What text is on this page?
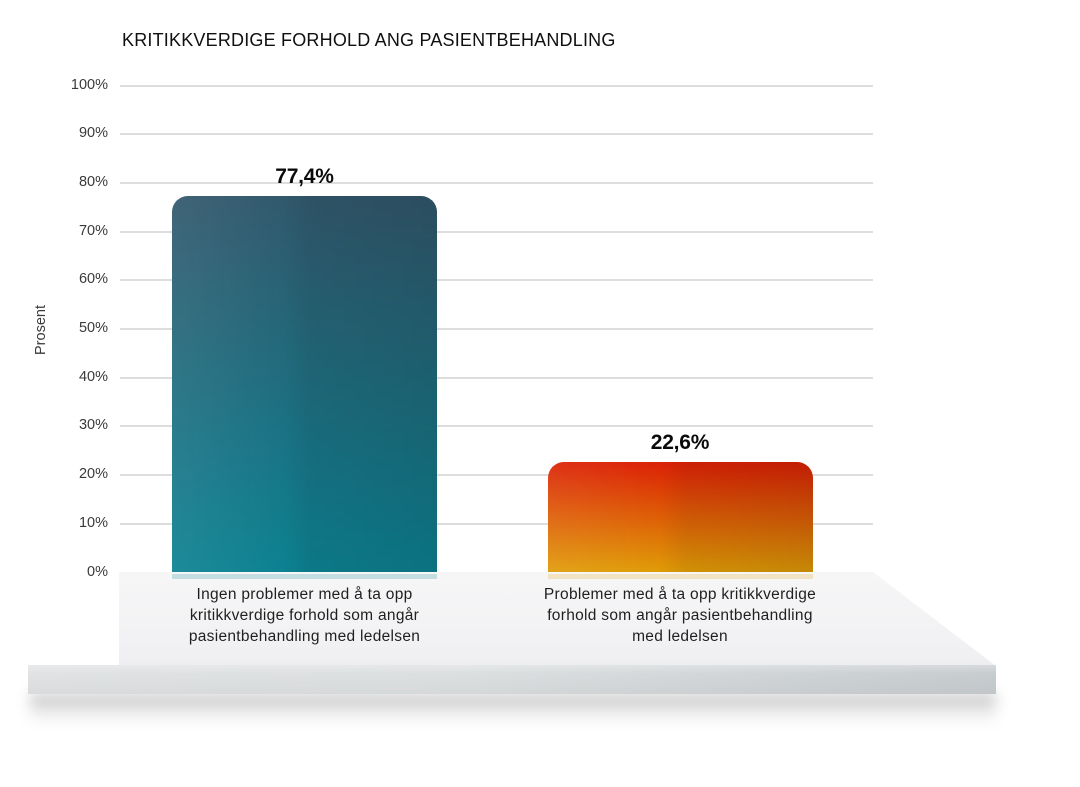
KRITIKKVERDIGE FORHOLD ANG PASIENTBEHANDLING
Prosent
0%
10%
20%
30%
40%
50%
60%
70%
80%
90%
100%
77,4%
Ingen problemer med å ta opp kritikkverdige forhold som angår pasientbehandling med ledelsen
22,6%
Problemer med å ta opp kritikkverdige forhold som angår pasientbehandling med ledelsen
